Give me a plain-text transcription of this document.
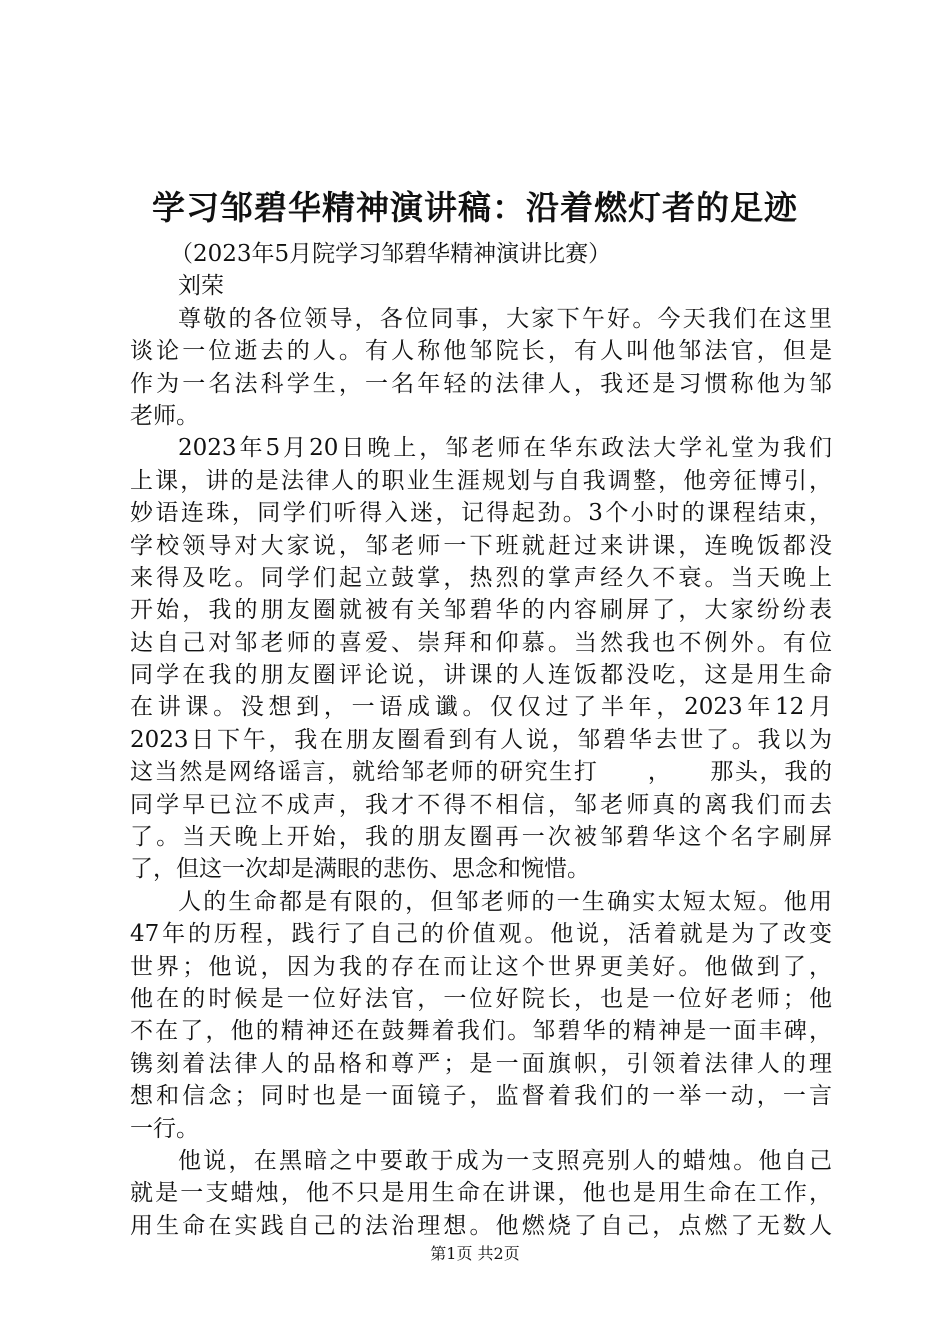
学习邹碧华精神演讲稿：沿着燃灯者的足迹
（2023年5月院学习邹碧华精神演讲比赛）
刘荣
尊敬的各位领导，各位同事，大家下午好。今天我们在这里
谈论一位逝去的人。有人称他邹院长，有人叫他邹法官，但是
作为一名法科学生，一名年轻的法律人，我还是习惯称他为邹
老师。
2023年5月20日晚上，邹老师在华东政法大学礼堂为我们
上课，讲的是法律人的职业生涯规划与自我调整，他旁征博引，
妙语连珠，同学们听得入迷，记得起劲。3个小时的课程结束，
学校领导对大家说，邹老师一下班就赶过来讲课，连晚饭都没
来得及吃。同学们起立鼓掌，热烈的掌声经久不衰。当天晚上
开始，我的朋友圈就被有关邹碧华的内容刷屏了，大家纷纷表
达自己对邹老师的喜爱、崇拜和仰慕。当然我也不例外。有位
同学在我的朋友圈评论说，讲课的人连饭都没吃，这是用生命
在讲课。没想到，一语成谶。仅仅过了半年，2023年12月
2023日下午，我在朋友圈看到有人说，邹碧华去世了。我以为
这当然是网络谣言，就给邹老师的研究生打　　，　　那头，我的
同学早已泣不成声，我才不得不相信，邹老师真的离我们而去
了。当天晚上开始，我的朋友圈再一次被邹碧华这个名字刷屏
了，但这一次却是满眼的悲伤、思念和惋惜。
人的生命都是有限的，但邹老师的一生确实太短太短。他用
47年的历程，践行了自己的价值观。他说，活着就是为了改变
世界；他说，因为我的存在而让这个世界更美好。他做到了，
他在的时候是一位好法官，一位好院长，也是一位好老师；他
不在了，他的精神还在鼓舞着我们。邹碧华的精神是一面丰碑，
镌刻着法律人的品格和尊严；是一面旗帜，引领着法律人的理
想和信念；同时也是一面镜子，监督着我们的一举一动，一言
一行。
他说，在黑暗之中要敢于成为一支照亮别人的蜡烛。他自己
就是一支蜡烛，他不只是用生命在讲课，他也是用生命在工作，
用生命在实践自己的法治理想。他燃烧了自己，点燃了无数人
第1页 共2页
